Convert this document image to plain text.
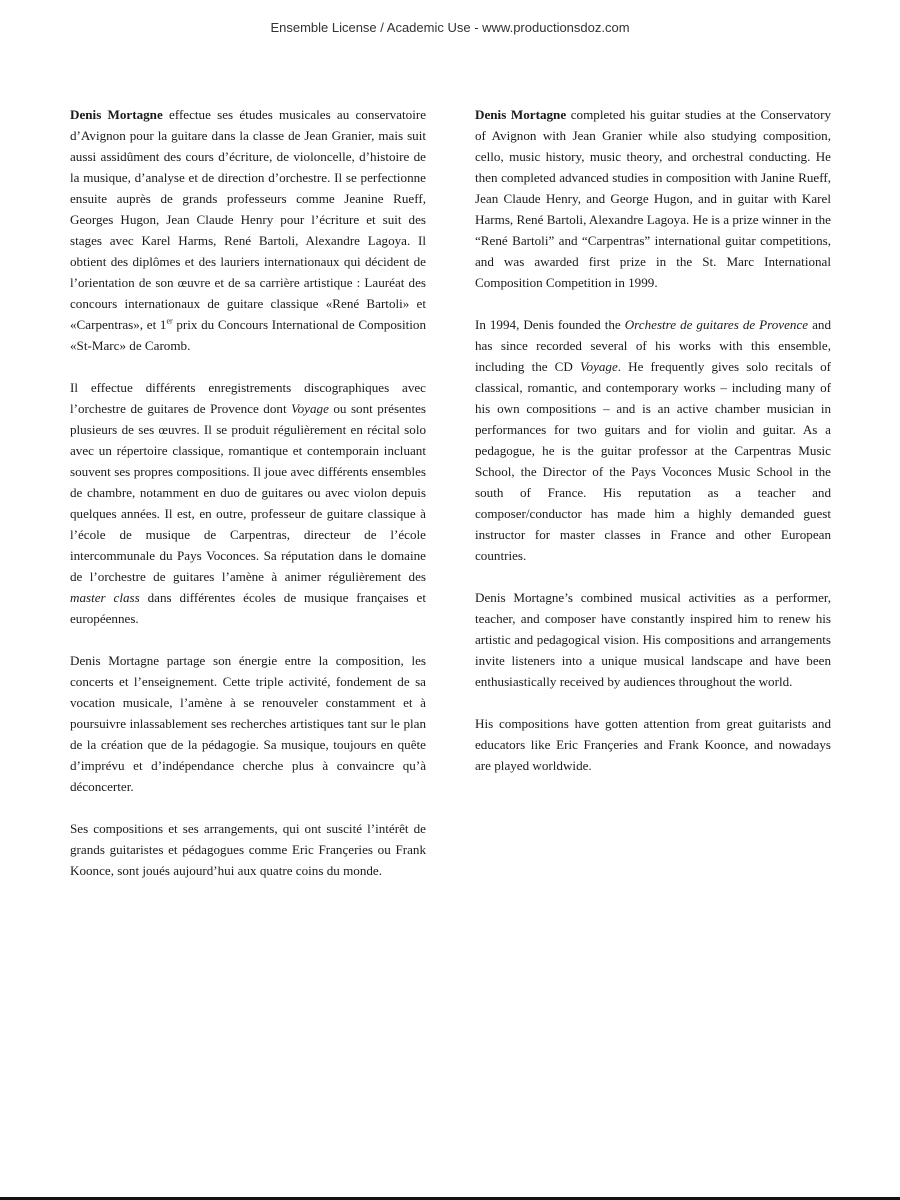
Ensemble License / Academic Use - www.productionsdoz.com

Denis Mortagne effectue ses études musicales au conservatoire d’Avignon pour la guitare dans la classe de Jean Granier, mais suit aussi assidûment des cours d’écriture, de violoncelle, d’histoire de la musique, d’analyse et de direction d’orchestre. Il se perfectionne ensuite auprès de grands professeurs comme Jeanine Rueff, Georges Hugon, Jean Claude Henry pour l’écriture et suit des stages avec Karel Harms, René Bartoli, Alexandre Lagoya. Il obtient des diplômes et des lauriers internationaux qui décident de l’orientation de son œuvre et de sa carrière artistique : Lauréat des concours internationaux de guitare classique «René Bartoli» et «Carpentras», et 1er prix du Concours International de Composition «St-Marc» de Caromb.

Il effectue différents enregistrements discographiques avec l’orchestre de guitares de Provence dont Voyage ou sont présentes plusieurs de ses œuvres. Il se produit régulièrement en récital solo avec un répertoire classique, romantique et contemporain incluant souvent ses propres compositions. Il joue avec différents ensembles de chambre, notamment en duo de guitares ou avec violon depuis quelques années. Il est, en outre, professeur de guitare classique à l’école de musique de Carpentras, directeur de l’école intercommunale du Pays Voconces. Sa réputation dans le domaine de l’orchestre de guitares l’amène à animer régulièrement des master class dans différentes écoles de musique françaises et européennes.

Denis Mortagne partage son énergie entre la composition, les concerts et l’enseignement. Cette triple activité, fondement de sa vocation musicale, l’amène à se renouveler constamment et à poursuivre inlassablement ses recherches artistiques tant sur le plan de la création que de la pédagogie. Sa musique, toujours en quête d’imprévu et d’indépendance cherche plus à convaincre qu’à déconcerter.

Ses compositions et ses arrangements, qui ont suscité l’intérêt de grands guitaristes et pédagogues comme Eric Franҫeries ou Frank Koonce, sont joués aujourd’hui aux quatre coins du monde.

Denis Mortagne completed his guitar studies at the Conservatory of Avignon with Jean Granier while also studying composition, cello, music history, music theory, and orchestral conducting. He then completed advanced studies in composition with Janine Rueff, Jean Claude Henry, and George Hugon, and in guitar with Karel Harms, René Bartoli, Alexandre Lagoya. He is a prize winner in the “René Bartoli” and “Carpentras” international guitar competitions, and was awarded first prize in the St. Marc International Composition Competition in 1999.

In 1994, Denis founded the Orchestre de guitares de Provence and has since recorded several of his works with this ensemble, including the CD Voyage. He frequently gives solo recitals of classical, romantic, and contemporary works – including many of his own compositions – and is an active chamber musician in performances for two guitars and for violin and guitar. As a pedagogue, he is the guitar professor at the Carpentras Music School, the Director of the Pays Voconces Music School in the south of France. His reputation as a teacher and composer/conductor has made him a highly demanded guest instructor for master classes in France and other European countries.

Denis Mortagne’s combined musical activities as a performer, teacher, and composer have constantly inspired him to renew his artistic and pedagogical vision. His compositions and arrangements invite listeners into a unique musical landscape and have been enthusiastically received by audiences throughout the world.

His compositions have gotten attention from great guitarists and educators like Eric Franҫeries and Frank Koonce, and nowadays are played worldwide.
